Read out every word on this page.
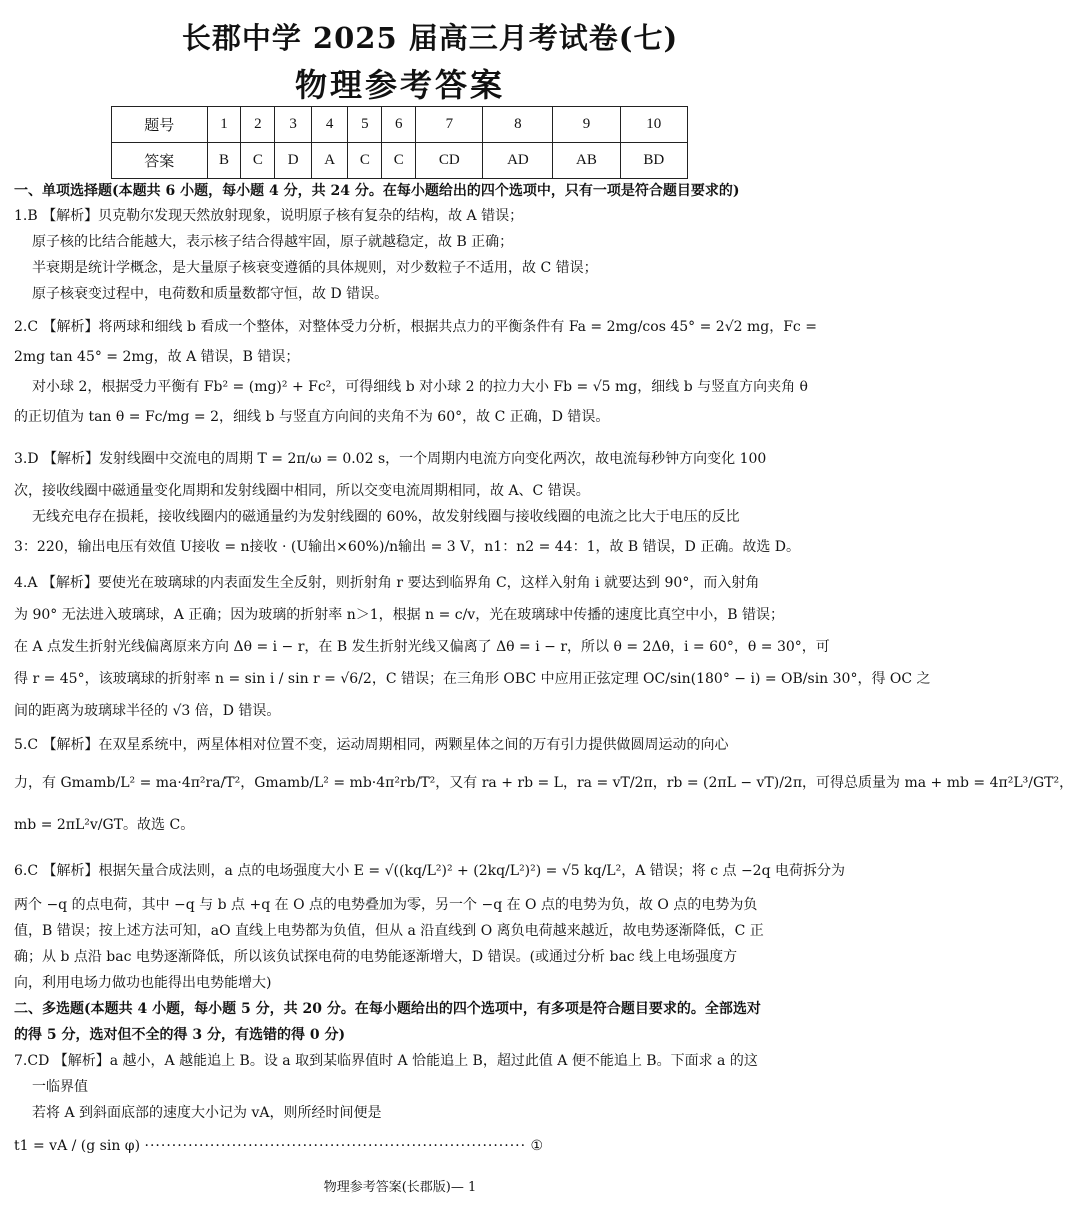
长郡中学 2025 届高三月考试卷(七)
物理参考答案
题号	1	2	3	4	5	6	7	8	9	10
答案	B	C	D	A	C	C	CD	AD	AB	BD
一、单项选择题(本题共 6 小题，每小题 4 分，共 24 分。在每小题给出的四个选项中，只有一项是符合题目要求的)
1.B 【解析】贝克勒尔发现天然放射现象，说明原子核有复杂的结构，故 A 错误；
原子核的比结合能越大，表示核子结合得越牢固，原子就越稳定，故 B 正确；
半衰期是统计学概念，是大量原子核衰变遵循的具体规则，对少数粒子不适用，故 C 错误；
原子核衰变过程中，电荷数和质量数都守恒，故 D 错误。
2.C 【解析】将两球和细线 b 看成一个整体，对整体受力分析，根据共点力的平衡条件有 Fa = 2mg/cos 45° = 2√2 mg，Fc =
2mg tan 45° = 2mg，故 A 错误，B 错误；
对小球 2，根据受力平衡有 Fb² = (mg)² + Fc²，可得细线 b 对小球 2 的拉力大小 Fb = √5 mg，细线 b 与竖直方向夹角 θ
的正切值为 tan θ = Fc/mg = 2，细线 b 与竖直方向间的夹角不为 60°，故 C 正确，D 错误。
3.D 【解析】发射线圈中交流电的周期 T = 2π/ω = 0.02 s，一个周期内电流方向变化两次，故电流每秒钟方向变化 100
次，接收线圈中磁通量变化周期和发射线圈中相同，所以交变电流周期相同，故 A、C 错误。
无线充电存在损耗，接收线圈内的磁通量约为发射线圈的 60%，故发射线圈与接收线圈的电流之比大于电压的反比
3：220，输出电压有效值 U接收 = n接收 · (U输出×60%)/n输出 = 3 V，n1：n2 = 44：1，故 B 错误，D 正确。故选 D。
4.A 【解析】要使光在玻璃球的内表面发生全反射，则折射角 r 要达到临界角 C，这样入射角 i 就要达到 90°，而入射角
为 90° 无法进入玻璃球，A 正确；因为玻璃的折射率 n＞1，根据 n = c/v，光在玻璃球中传播的速度比真空中小，B 错误；
在 A 点发生折射光线偏离原来方向 Δθ = i − r，在 B 发生折射光线又偏离了 Δθ = i − r，所以 θ = 2Δθ，i = 60°，θ = 30°，可
得 r = 45°，该玻璃球的折射率 n = sin i / sin r = √6/2，C 错误；在三角形 OBC 中应用正弦定理 OC/sin(180° − i) = OB/sin 30°，得 OC 之
间的距离为玻璃球半径的 √3 倍，D 错误。
5.C 【解析】在双星系统中，两星体相对位置不变，运动周期相同，两颗星体之间的万有引力提供做圆周运动的向心
力，有 Gmamb/L² = ma·4π²ra/T²，Gmamb/L² = mb·4π²rb/T²，又有 ra + rb = L，ra = vT/2π，rb = (2πL − vT)/2π，可得总质量为 ma + mb = 4π²L³/GT²，
mb = 2πL²v/GT。故选 C。
6.C 【解析】根据矢量合成法则，a 点的电场强度大小 E = √((kq/L²)² + (2kq/L²)²) = √5 kq/L²，A 错误；将 c 点 −2q 电荷拆分为
两个 −q 的点电荷，其中 −q 与 b 点 +q 在 O 点的电势叠加为零，另一个 −q 在 O 点的电势为负，故 O 点的电势为负
值，B 错误；按上述方法可知，aO 直线上电势都为负值，但从 a 沿直线到 O 离负电荷越来越近，故电势逐渐降低，C 正
确；从 b 点沿 bac 电势逐渐降低，所以该负试探电荷的电势能逐渐增大，D 错误。(或通过分析 bac 线上电场强度方
向，利用电场力做功也能得出电势能增大)
二、多选题(本题共 4 小题，每小题 5 分，共 20 分。在每小题给出的四个选项中，有多项是符合题目要求的。全部选对
的得 5 分，选对但不全的得 3 分，有选错的得 0 分)
7.CD 【解析】a 越小，A 越能追上 B。设 a 取到某临界值时 A 恰能追上 B，超过此值 A 便不能追上 B。下面求 a 的这
一临界值
若将 A 到斜面底部的速度大小记为 vA，则所经时间便是
t1 = vA / (g sin φ) ······································································ ①
物理参考答案(长郡版)— 1
